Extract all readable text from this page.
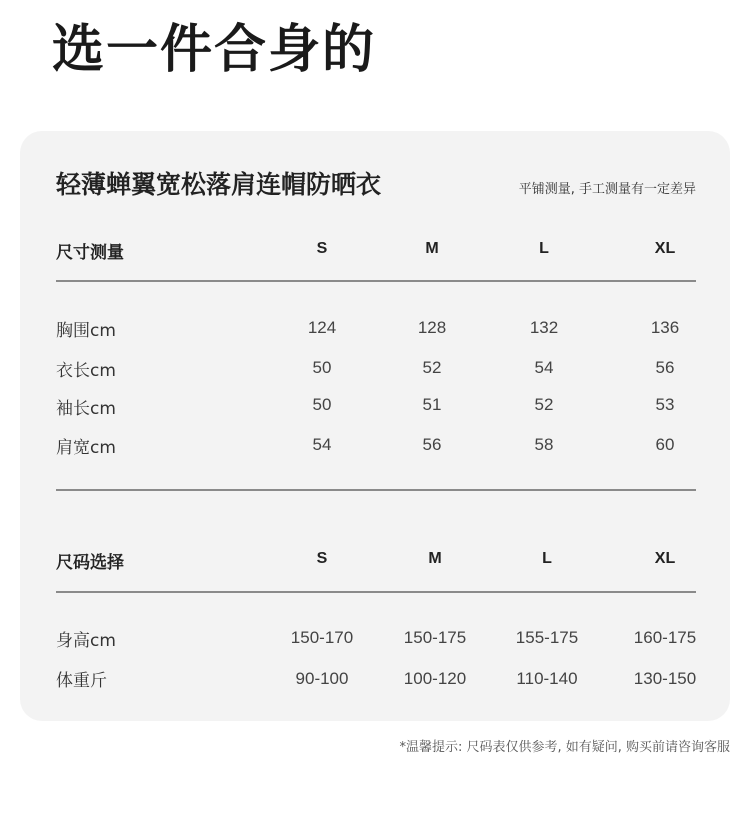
选一件合身的
轻薄蝉翼宽松落肩连帽防晒衣	平铺测量, 手工测量有一定差异
尺寸测量	S	M	L	XL
胸围cm	124	128	132	136
衣长cm	50	52	54	56
袖长cm	50	51	52	53
肩宽cm	54	56	58	60
尺码选择	S	M	L	XL
身高cm	150-170	150-175	155-175	160-175
体重斤	90-100	100-120	110-140	130-150
*温馨提示: 尺码表仅供参考, 如有疑问, 购买前请咨询客服
